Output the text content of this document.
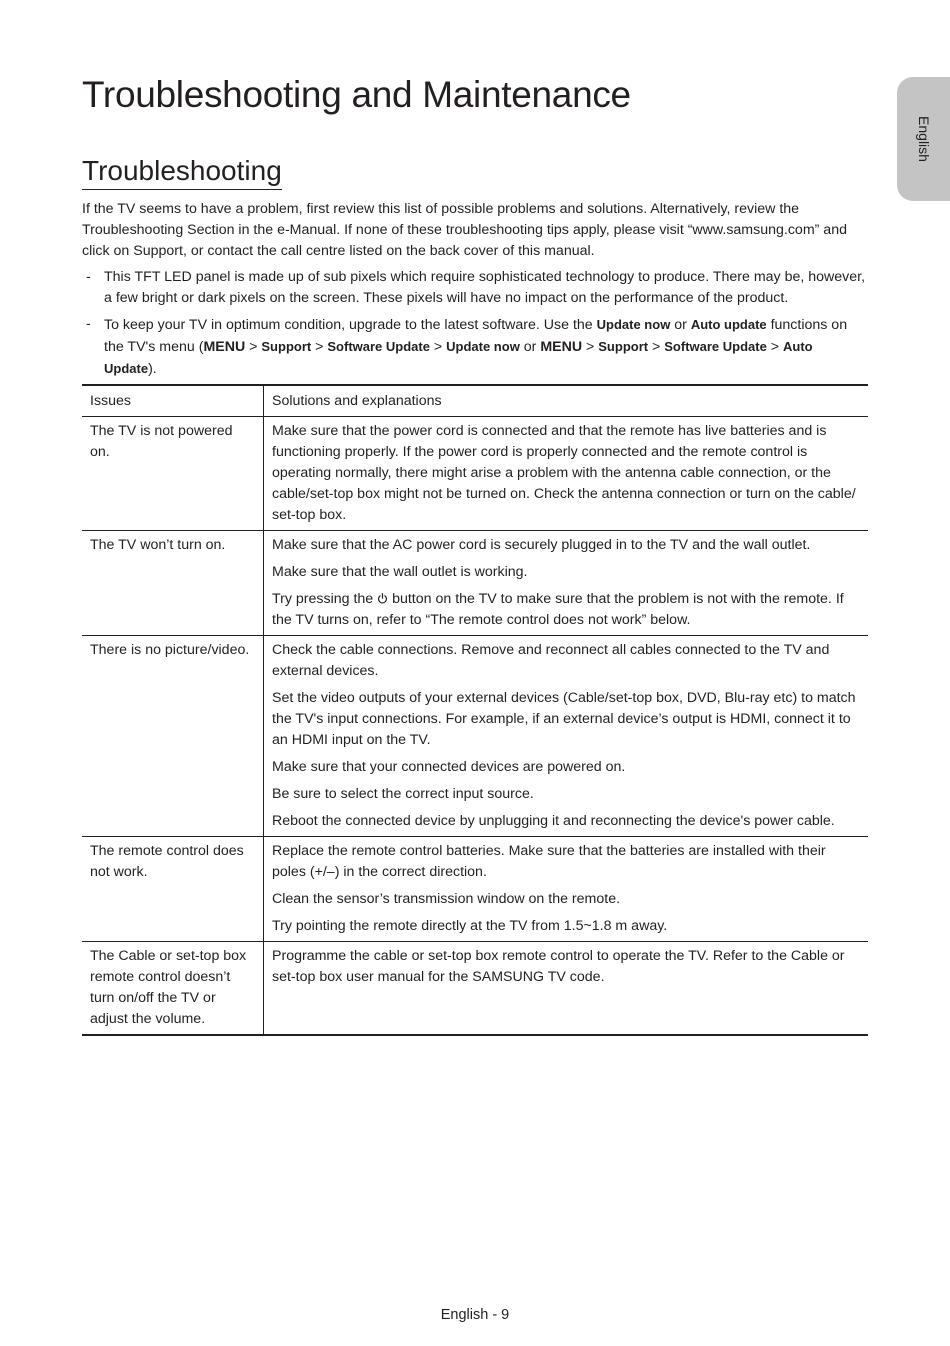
English
Troubleshooting and Maintenance
Troubleshooting

If the TV seems to have a problem, first review this list of possible problems and solutions. Alternatively, review the Troubleshooting Section in the e-Manual. If none of these troubleshooting tips apply, please visit “www.samsung.com” and click on Support, or contact the call centre listed on the back cover of this manual.

- This TFT LED panel is made up of sub pixels which require sophisticated technology to produce. There may be, however, a few bright or dark pixels on the screen. These pixels will have no impact on the performance of the product.
- To keep your TV in optimum condition, upgrade to the latest software. Use the Update now or Auto update functions on the TV's menu (MENU > Support > Software Update > Update now or MENU > Support > Software Update > Auto Update).
Issues	Solutions and explanations
The TV is not powered on.	Make sure that the power cord is connected and that the remote has live batteries and is functioning properly. If the power cord is properly connected and the remote control is operating normally, there might arise a problem with the antenna cable connection, or the cable/set-top box might not be turned on. Check the antenna connection or turn on the cable/ set-top box.

The TV won’t turn on.	Make sure that the AC power cord is securely plugged in to the TV and the wall outlet.

Make sure that the wall outlet is working.

Try pressing the  button on the TV to make sure that the problem is not with the remote. If the TV turns on, refer to “The remote control does not work” below.

There is no picture/video.	Check the cable connections. Remove and reconnect all cables connected to the TV and external devices.

Set the video outputs of your external devices (Cable/set-top box, DVD, Blu-ray etc) to match the TV's input connections. For example, if an external device’s output is HDMI, connect it to an HDMI input on the TV.

Make sure that your connected devices are powered on.

Be sure to select the correct input source.

Reboot the connected device by unplugging it and reconnecting the device's power cable.

The remote control does not work.	Replace the remote control batteries. Make sure that the batteries are installed with their poles (+/–) in the correct direction.

Clean the sensor’s transmission window on the remote.

Try pointing the remote directly at the TV from 1.5~1.8 m away.

The Cable or set-top box remote control doesn’t turn on/off the TV or adjust the volume.	Programme the cable or set-top box remote control to operate the TV. Refer to the Cable or set-top box user manual for the SAMSUNG TV code.

English - 9
